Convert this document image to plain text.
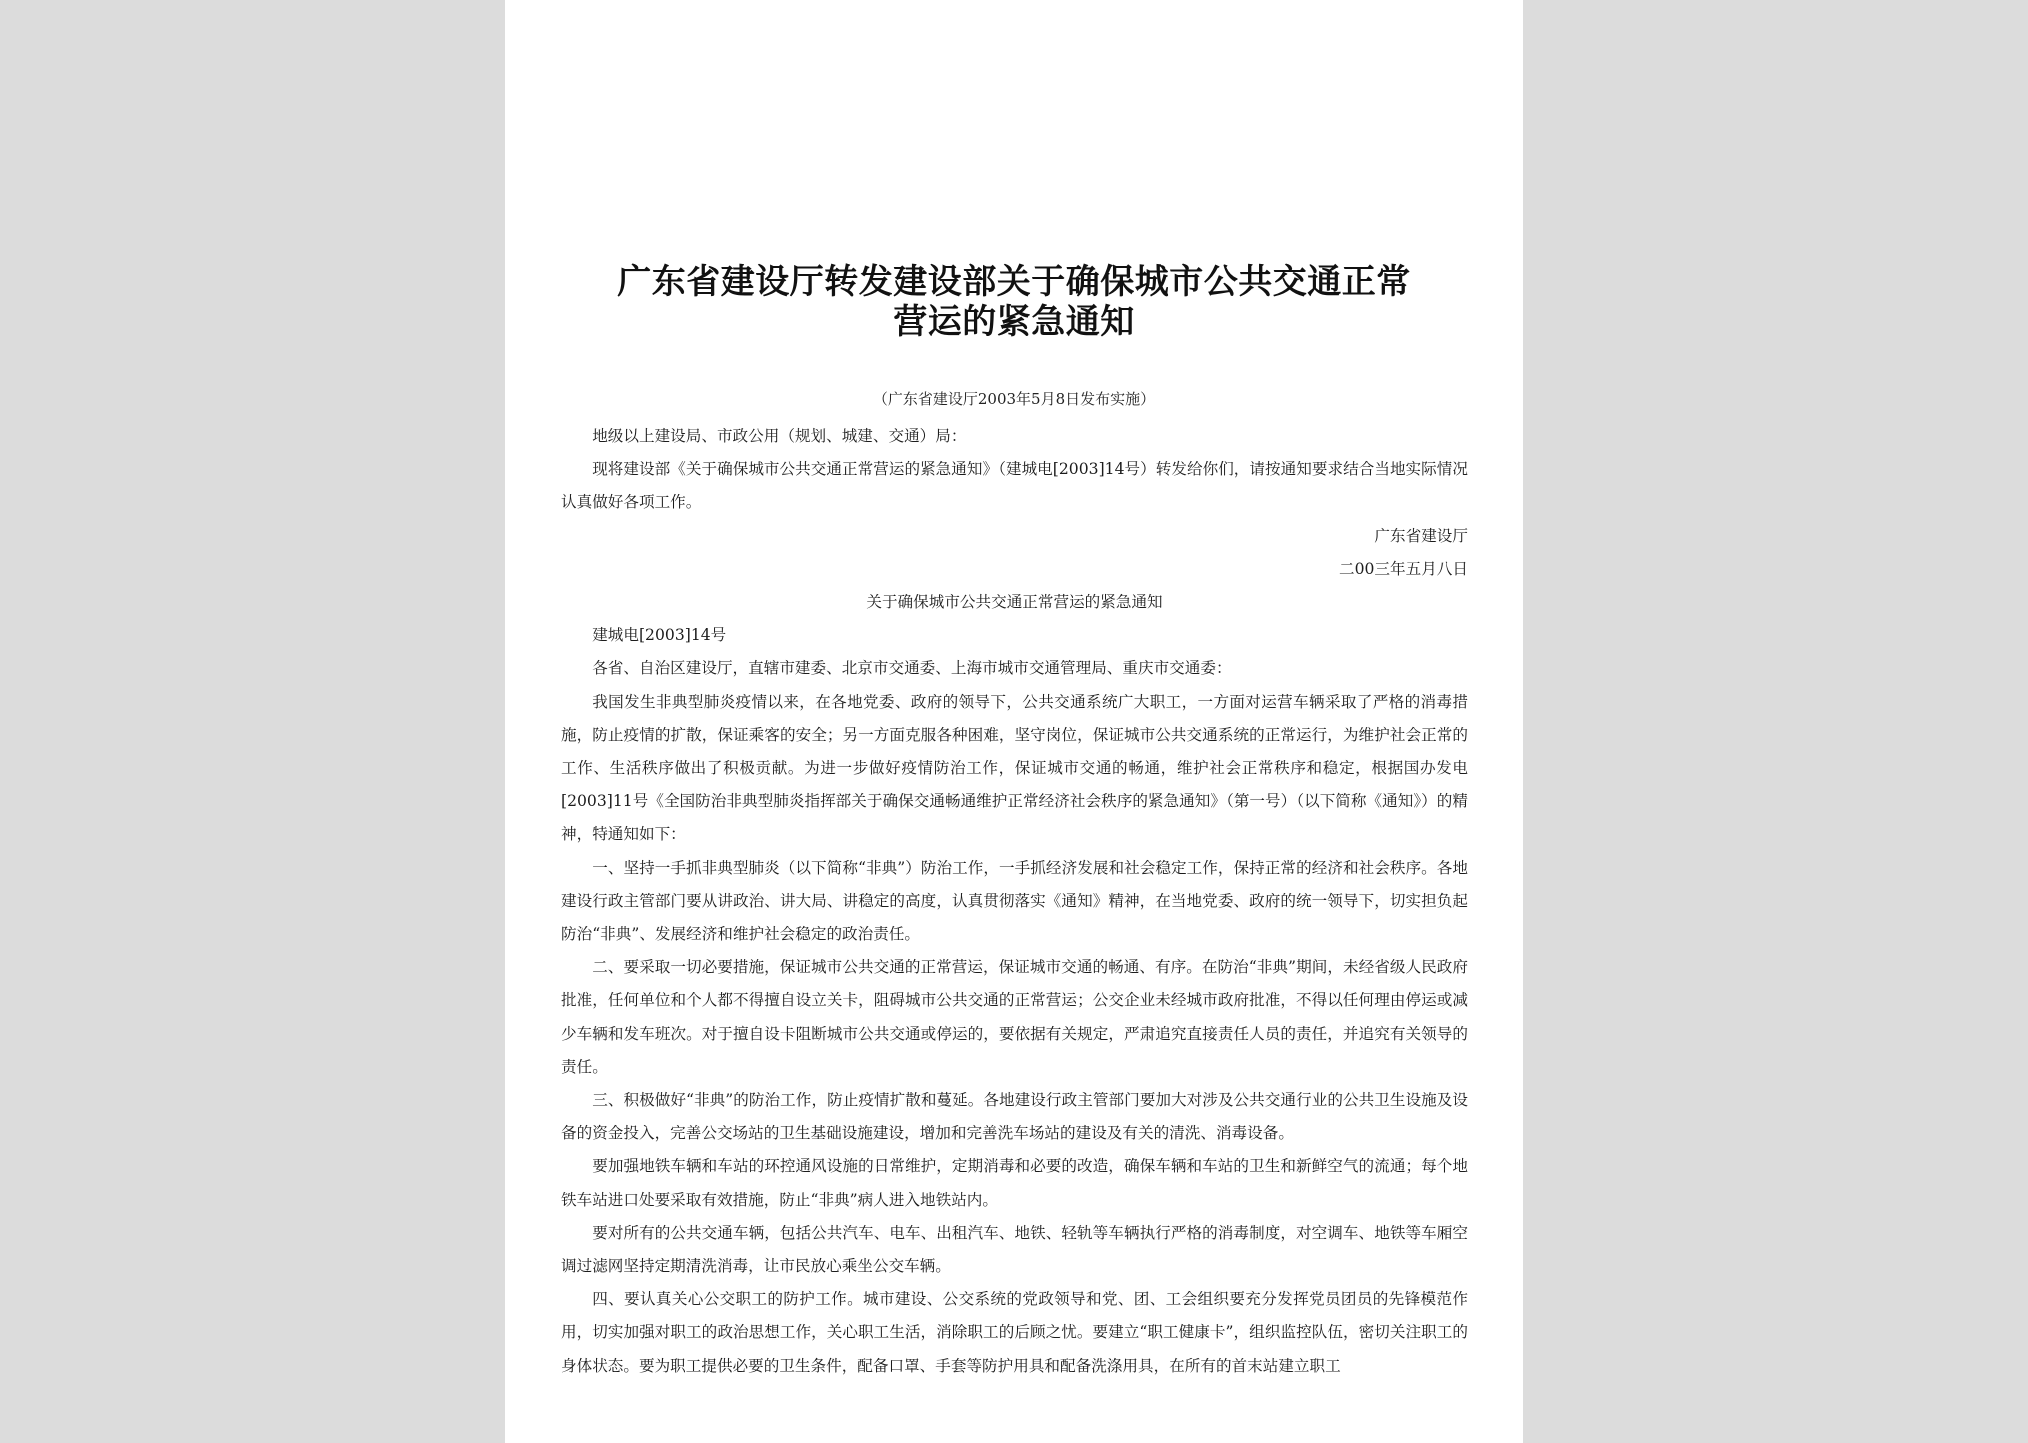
广东省建设厅转发建设部关于确保城市公共交通正常
营运的紧急通知

（广东省建设厅2003年5月8日发布实施）

地级以上建设局、市政公用（规划、城建、交通）局：

现将建设部《关于确保城市公共交通正常营运的紧急通知》（建城电[2003]14号）转发给你们，请按通知要求结合当地实际情况认真做好各项工作。

广东省建设厅

二00三年五月八日

关于确保城市公共交通正常营运的紧急通知

建城电[2003]14号

各省、自治区建设厅，直辖市建委、北京市交通委、上海市城市交通管理局、重庆市交通委：

我国发生非典型肺炎疫情以来，在各地党委、政府的领导下，公共交通系统广大职工，一方面对运营车辆采取了严格的消毒措施，防止疫情的扩散，保证乘客的安全；另一方面克服各种困难，坚守岗位，保证城市公共交通系统的正常运行，为维护社会正常的工作、生活秩序做出了积极贡献。为进一步做好疫情防治工作，保证城市交通的畅通，维护社会正常秩序和稳定，根据国办发电[2003]11号《全国防治非典型肺炎指挥部关于确保交通畅通维护正常经济社会秩序的紧急通知》（第一号）（以下简称《通知》）的精神，特通知如下：

一、坚持一手抓非典型肺炎（以下简称“非典”）防治工作，一手抓经济发展和社会稳定工作，保持正常的经济和社会秩序。各地建设行政主管部门要从讲政治、讲大局、讲稳定的高度，认真贯彻落实《通知》精神，在当地党委、政府的统一领导下，切实担负起防治“非典”、发展经济和维护社会稳定的政治责任。

二、要采取一切必要措施，保证城市公共交通的正常营运，保证城市交通的畅通、有序。在防治“非典”期间，未经省级人民政府批准，任何单位和个人都不得擅自设立关卡，阻碍城市公共交通的正常营运；公交企业未经城市政府批准，不得以任何理由停运或减少车辆和发车班次。对于擅自设卡阻断城市公共交通或停运的，要依据有关规定，严肃追究直接责任人员的责任，并追究有关领导的责任。

三、积极做好“非典”的防治工作，防止疫情扩散和蔓延。各地建设行政主管部门要加大对涉及公共交通行业的公共卫生设施及设备的资金投入，完善公交场站的卫生基础设施建设，增加和完善洗车场站的建设及有关的清洗、消毒设备。

要加强地铁车辆和车站的环控通风设施的日常维护，定期消毒和必要的改造，确保车辆和车站的卫生和新鲜空气的流通；每个地铁车站进口处要采取有效措施，防止“非典”病人进入地铁站内。

要对所有的公共交通车辆，包括公共汽车、电车、出租汽车、地铁、轻轨等车辆执行严格的消毒制度，对空调车、地铁等车厢空调过滤网坚持定期清洗消毒，让市民放心乘坐公交车辆。

四、要认真关心公交职工的防护工作。城市建设、公交系统的党政领导和党、团、工会组织要充分发挥党员团员的先锋模范作用，切实加强对职工的政治思想工作，关心职工生活，消除职工的后顾之忧。要建立“职工健康卡”，组织监控队伍，密切关注职工的身体状态。要为职工提供必要的卫生条件，配备口罩、手套等防护用具和配备洗涤用具，在所有的首末站建立职工
